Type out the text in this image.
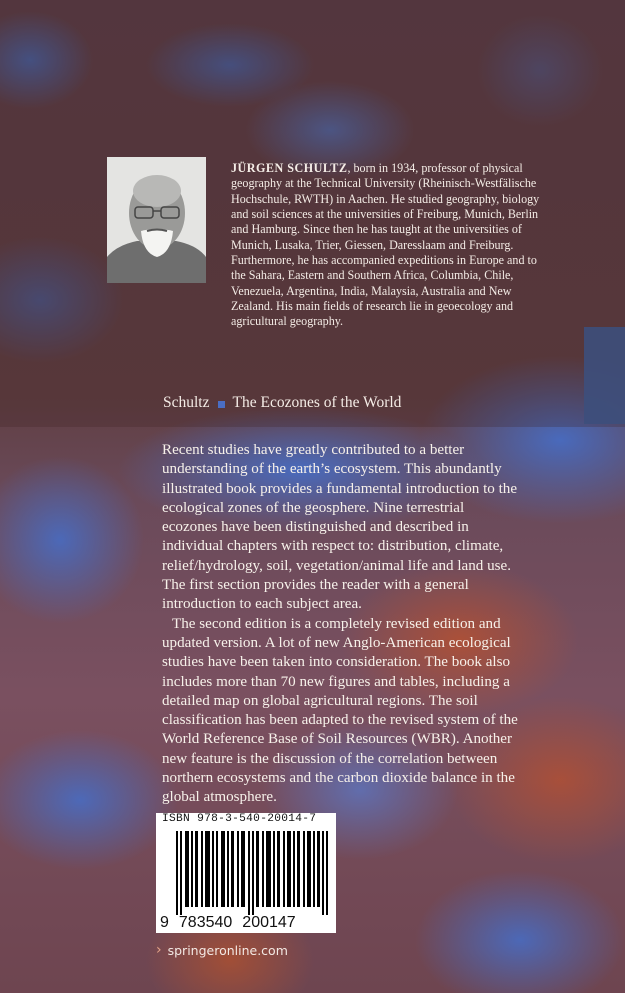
JÜRGEN SCHULTZ, born in 1934, professor of physical geography at the Technical University (Rheinisch-Westfälische Hochschule, RWTH) in Aachen. He studied geography, biology and soil sciences at the universities of Freiburg, Munich, Berlin and Hamburg. Since then he has taught at the universities of Munich, Lusaka, Trier, Giessen, Daresslaam and Freiburg. Furthermore, he has accompanied expeditions in Europe and to the Sahara, Eastern and Southern Africa, Columbia, Chile, Venezuela, Argentina, India, Malaysia, Australia and New Zealand. His main fields of research lie in geoecology and agricultural geography.
Schultz The Ecozones of the World

Recent studies have greatly contributed to a better understanding of the earth’s ecosystem. This abundantly illustrated book provides a fundamental introduction to the ecological zones of the geosphere. Nine terrestrial ecozones have been distinguished and described in individual chapters with respect to: distribution, climate, relief/hydrology, soil, vegetation/animal life and land use. The first section provides the reader with a general introduction to each subject area.

The second edition is a completely revised edition and updated version. A lot of new Anglo-American ecological studies have been taken into consideration. The book also includes more than 70 new figures and tables, including a detailed map on global agricultural regions. The soil classification has been adapted to the revised system of the World Reference Base of Soil Resources (WBR). Another new feature is the discussion of the correlation between northern ecosystems and the carbon dioxide balance in the global atmosphere.

ISBN 978-3-540-20014-7
9 783540 200147
› springeronline.com
